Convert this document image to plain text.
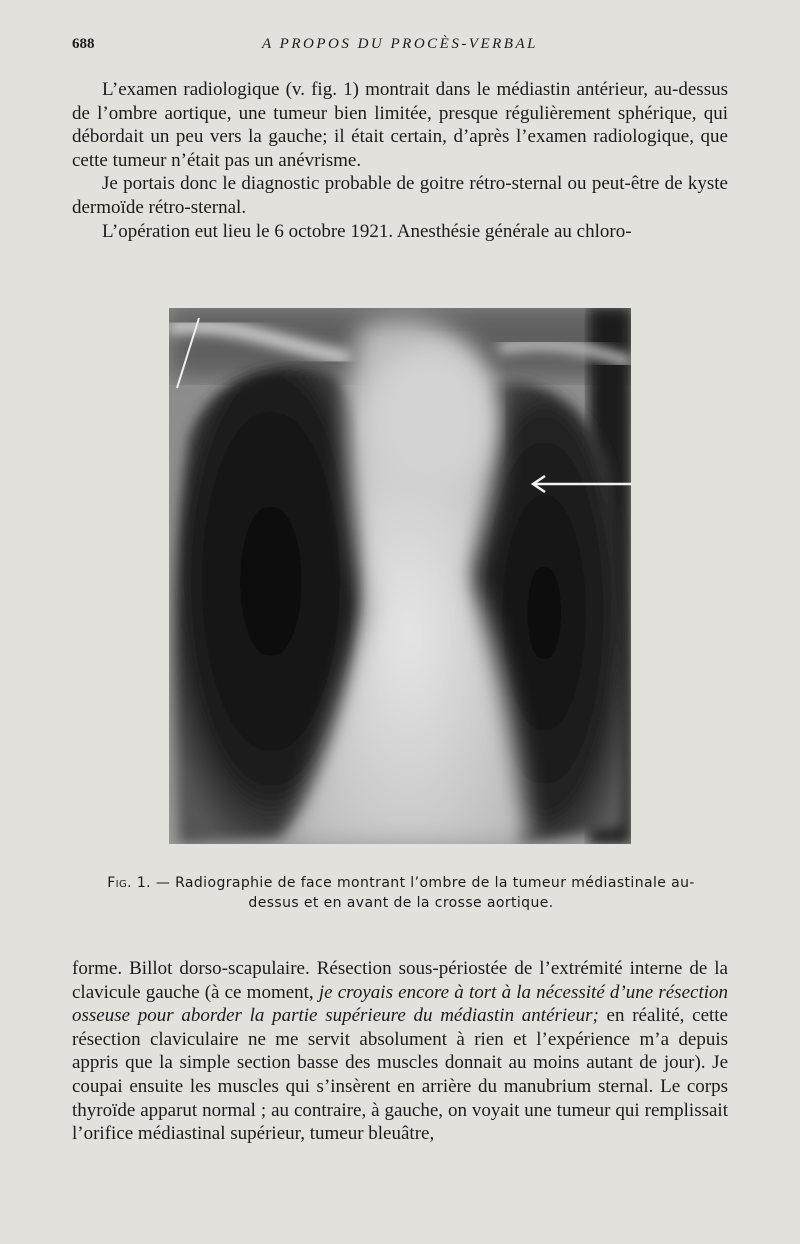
688	A PROPOS DU PROCÈS-VERBAL

L’examen radiologique (v. fig. 1) montrait dans le médiastin antérieur, au-dessus de l’ombre aortique, une tumeur bien limitée, presque régulièrement sphérique, qui débordait un peu vers la gauche; il était certain, d’après l’examen radiologique, que cette tumeur n’était pas un anévrisme.

Je portais donc le diagnostic probable de goitre rétro-sternal ou peut-être de kyste dermoïde rétro-sternal.

L’opération eut lieu le 6 octobre 1921. Anesthésie générale au chloro-

Fig. 1. — Radiographie de face montrant l’ombre de la tumeur médiastinale au-dessus et en avant de la crosse aortique.

forme. Billot dorso-scapulaire. Résection sous-périostée de l’extrémité interne de la clavicule gauche (à ce moment, je croyais encore à tort à la nécessité d’une résection osseuse pour aborder la partie supérieure du médiastin antérieur; en réalité, cette résection claviculaire ne me servit absolument à rien et l’expérience m’a depuis appris que la simple section basse des muscles donnait au moins autant de jour). Je coupai ensuite les muscles qui s’insèrent en arrière du manubrium sternal. Le corps thyroïde apparut normal ; au contraire, à gauche, on voyait une tumeur qui remplissait l’orifice médiastinal supérieur, tumeur bleuâtre,
